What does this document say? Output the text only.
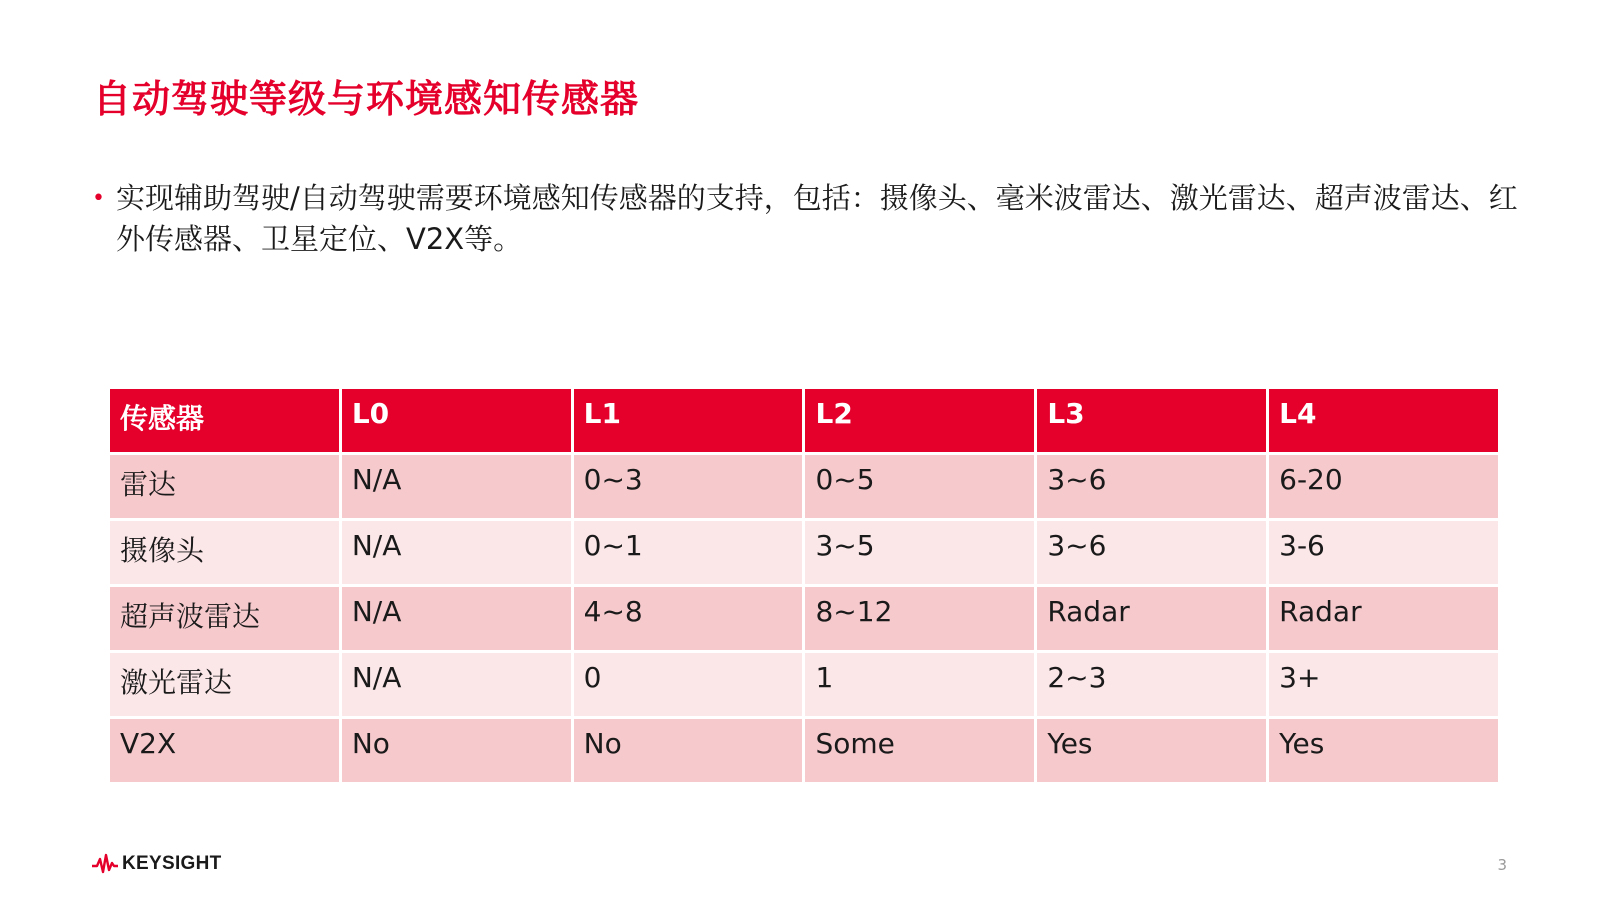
自动驾驶等级与环境感知传感器
• 实现辅助驾驶/自动驾驶需要环境感知传感器的支持，包括：摄像头、毫米波雷达、激光雷达、超声波雷达、红外传感器、卫星定位、V2X等。
传感器	L0	L1	L2	L3	L4
雷达	N/A	0~3	0~5	3~6	6-20
摄像头	N/A	0~1	3~5	3~6	3-6
超声波雷达	N/A	4~8	8~12	Radar	Radar
激光雷达	N/A	0	1	2~3	3+
V2X	No	No	Some	Yes	Yes
KEYSIGHT	3
